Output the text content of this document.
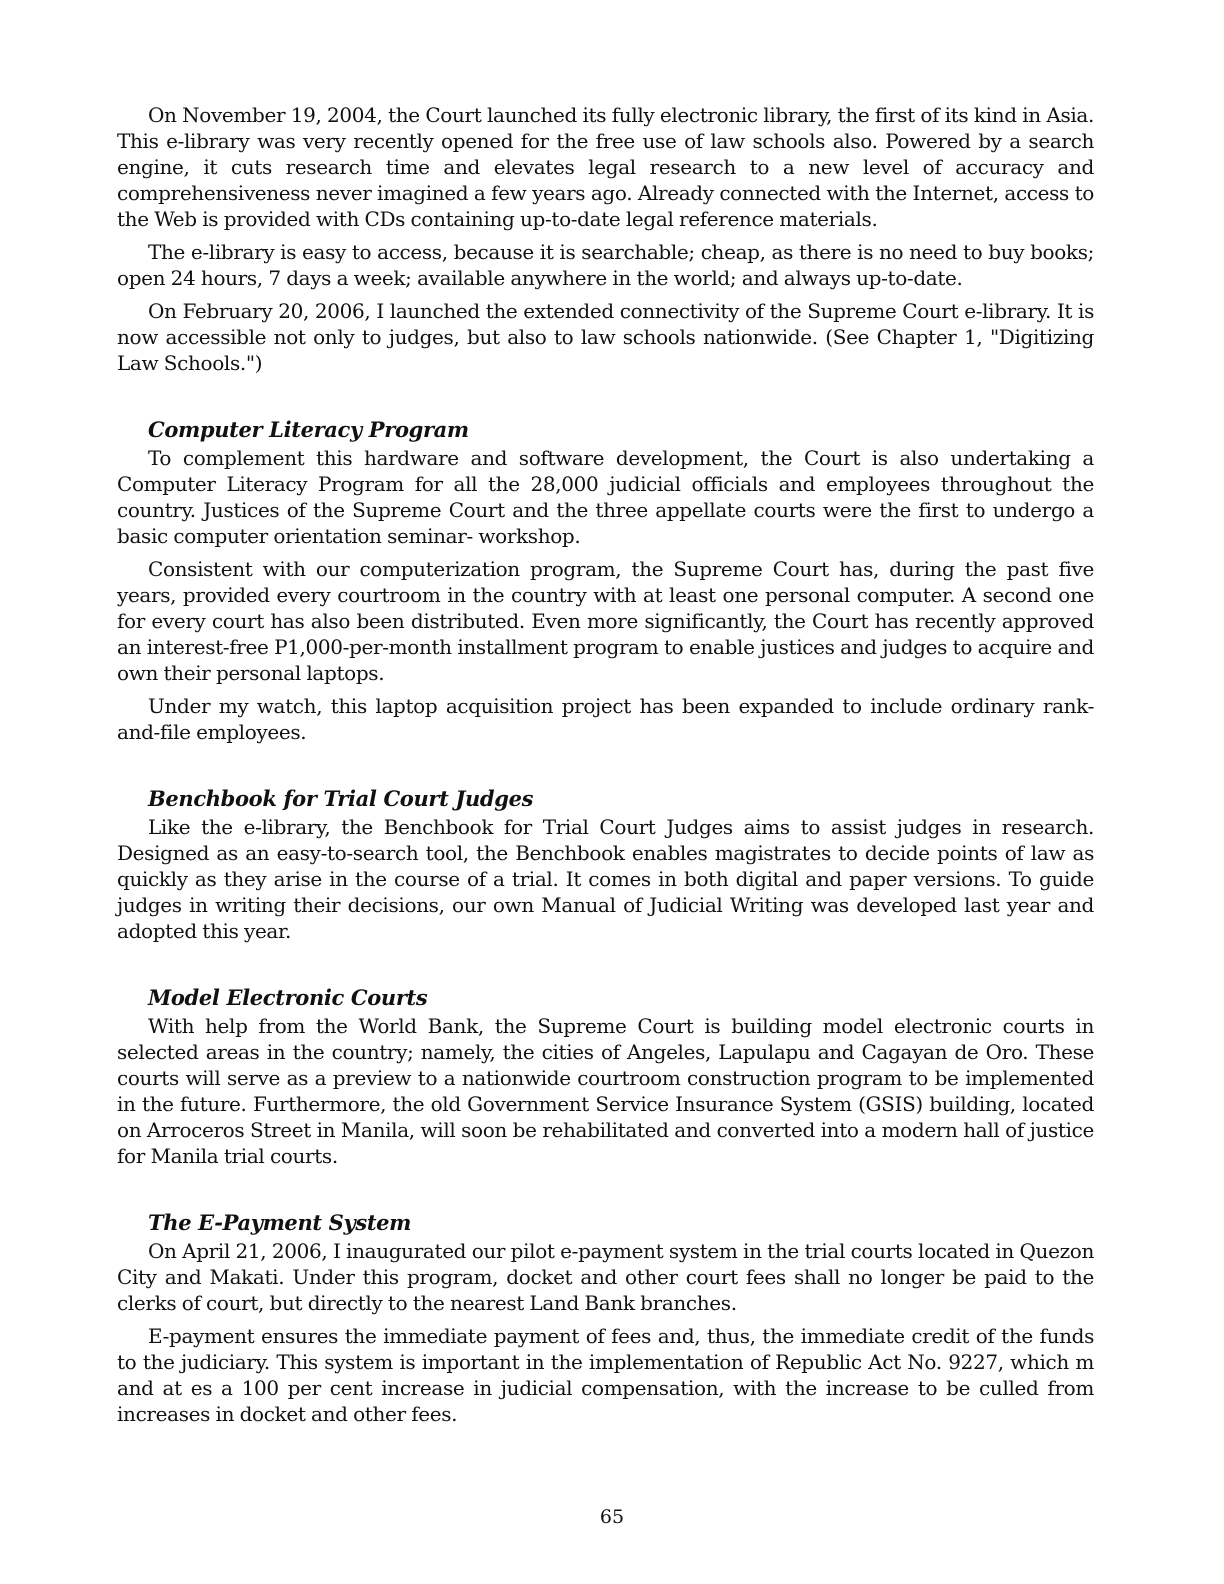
On November 19, 2004, the Court launched its fully electronic library, the first of its kind in Asia. This e-library was very recently opened for the free use of law schools also. Powered by a search engine, it cuts research time and elevates legal research to a new level of accuracy and comprehensiveness never imagined a few years ago. Already connected with the Internet, access to the Web is provided with CDs containing up-to-date legal reference materials.

The e-library is easy to access, because it is searchable; cheap, as there is no need to buy books; open 24 hours, 7 days a week; available anywhere in the world; and always up-to-date.

On February 20, 2006, I launched the extended connectivity of the Supreme Court e-library. It is now accessible not only to judges, but also to law schools nationwide. (See Chapter 1, "Digitizing Law Schools.")

Computer Literacy Program

To complement this hardware and software development, the Court is also undertaking a Computer Literacy Program for all the 28,000 judicial officials and employees throughout the country. Justices of the Supreme Court and the three appellate courts were the first to undergo a basic computer orientation seminar- workshop.

Consistent with our computerization program, the Supreme Court has, during the past five years, provided every courtroom in the country with at least one personal computer. A second one for every court has also been distributed. Even more significantly, the Court has recently approved an interest-free P1,000-per-month installment program to enable justices and judges to acquire and own their personal laptops.

Under my watch, this laptop acquisition project has been expanded to include ordinary rank-and-file employees.

Benchbook for Trial Court Judges

Like the e-library, the Benchbook for Trial Court Judges aims to assist judges in research. Designed as an easy-to-search tool, the Benchbook enables magistrates to decide points of law as quickly as they arise in the course of a trial. It comes in both digital and paper versions. To guide judges in writing their decisions, our own Manual of Judicial Writing was developed last year and adopted this year.

Model Electronic Courts

With help from the World Bank, the Supreme Court is building model electronic courts in selected areas in the country; namely, the cities of Angeles, Lapulapu and Cagayan de Oro. These courts will serve as a preview to a nationwide courtroom construction program to be implemented in the future. Furthermore, the old Government Service Insurance System (GSIS) building, located on Arroceros Street in Manila, will soon be rehabilitated and converted into a modern hall of justice for Manila trial courts.

The E-Payment System

On April 21, 2006, I inaugurated our pilot e-payment system in the trial courts located in Quezon City and Makati. Under this program, docket and other court fees shall no longer be paid to the clerks of court, but directly to the nearest Land Bank branches.

E-payment ensures the immediate payment of fees and, thus, the immediate credit of the funds to the judiciary. This system is important in the implementation of Republic Act No. 9227, which m and at es a 100 per cent increase in judicial compensation, with the increase to be culled from increases in docket and other fees.

65
